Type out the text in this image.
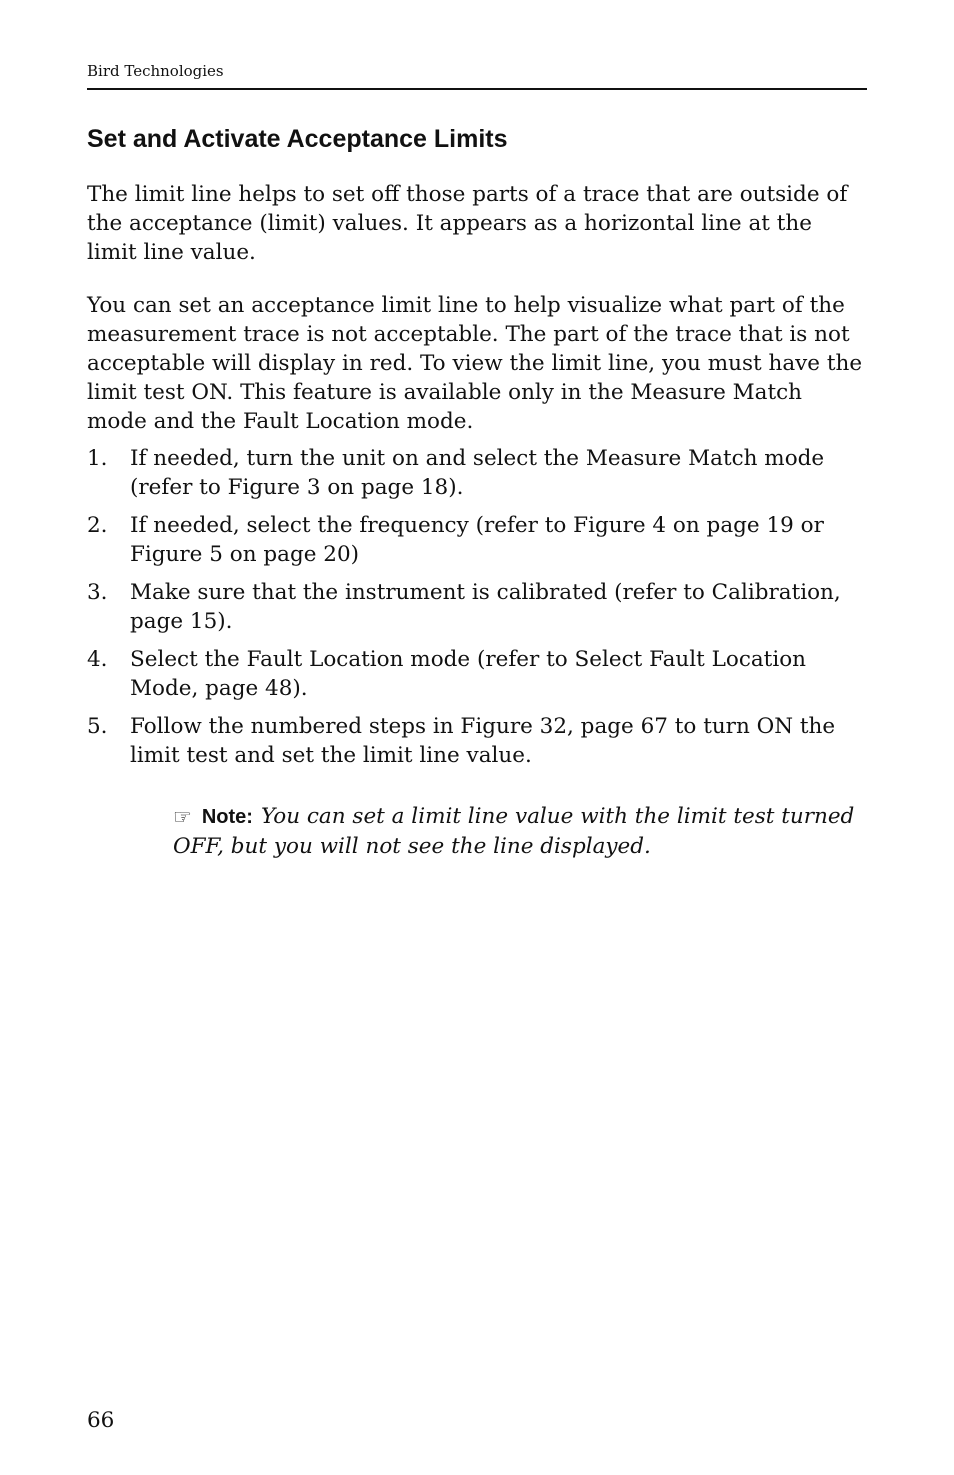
Bird Technologies
Set and Activate Acceptance Limits

The limit line helps to set off those parts of a trace that are outside of the acceptance (limit) values. It appears as a horizontal line at the limit line value.

You can set an acceptance limit line to help visualize what part of the measurement trace is not acceptable. The part of the trace that is not acceptable will display in red. To view the limit line, you must have the limit test ON. This feature is available only in the Measure Match mode and the Fault Location mode.

1.	If needed, turn the unit on and select the Measure Match mode (refer to Figure 3 on page 18).
2.	If needed, select the frequency (refer to Figure 4 on page 19 or Figure 5 on page 20)
3.	Make sure that the instrument is calibrated (refer to Calibration, page 15).
4.	Select the Fault Location mode (refer to Select Fault Location Mode, page 48).
5.	Follow the numbered steps in Figure 32, page 67 to turn ON the limit test and set the limit line value.

☞ Note: You can set a limit line value with the limit test turned OFF, but you will not see the line displayed.

66
